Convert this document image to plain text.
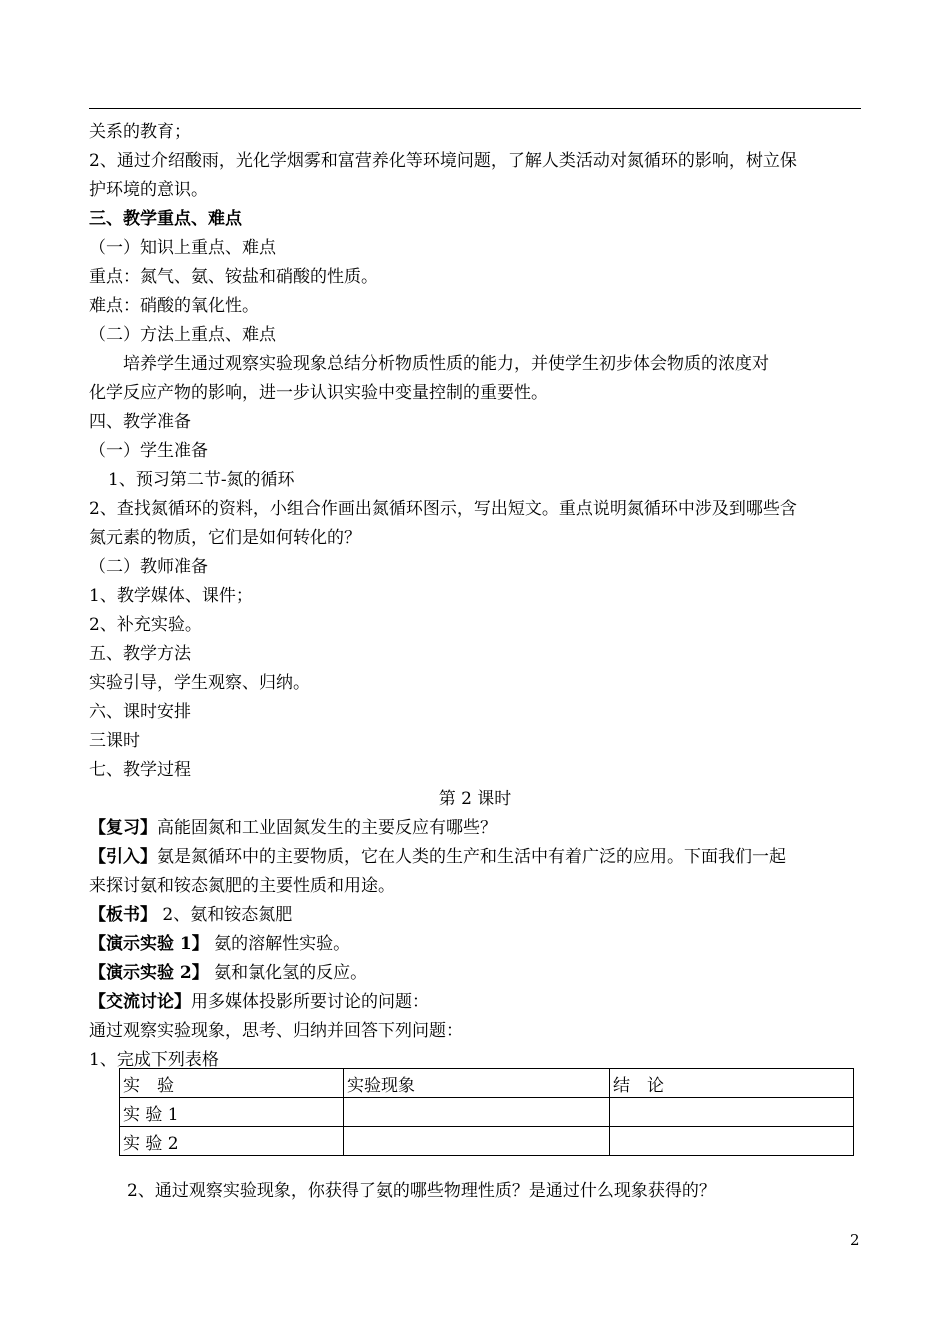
关系的教育；

2、通过介绍酸雨，光化学烟雾和富营养化等环境问题，了解人类活动对氮循环的影响，树立保

护环境的意识。

三、教学重点、难点

（一）知识上重点、难点

重点：氮气、氨、铵盐和硝酸的性质。

难点：硝酸的氧化性。

（二）方法上重点、难点

培养学生通过观察实验现象总结分析物质性质的能力，并使学生初步体会物质的浓度对

化学反应产物的影响，进一步认识实验中变量控制的重要性。

四、教学准备

（一）学生准备

1、预习第二节-氮的循环

2、查找氮循环的资料，小组合作画出氮循环图示，写出短文。重点说明氮循环中涉及到哪些含

氮元素的物质，它们是如何转化的？

（二）教师准备

1、教学媒体、课件；

2、补充实验。

五、教学方法

实验引导，学生观察、归纳。

六、课时安排

三课时

七、教学过程

第 2 课时

【复习】高能固氮和工业固氮发生的主要反应有哪些？

【引入】氨是氮循环中的主要物质，它在人类的生产和生活中有着广泛的应用。下面我们一起

来探讨氨和铵态氮肥的主要性质和用途。

【板书】 2、氨和铵态氮肥

【演示实验 1】 氨的溶解性实验。

【演示实验 2】 氨和氯化氢的反应。

【交流讨论】用多媒体投影所要讨论的问题：

通过观察实验现象，思考、归纳并回答下列问题：

1、完成下列表格

实　验	实验现象	结　论
实 验 1		
实 验 2		

2、通过观察实验现象，你获得了氨的哪些物理性质？是通过什么现象获得的？

2
